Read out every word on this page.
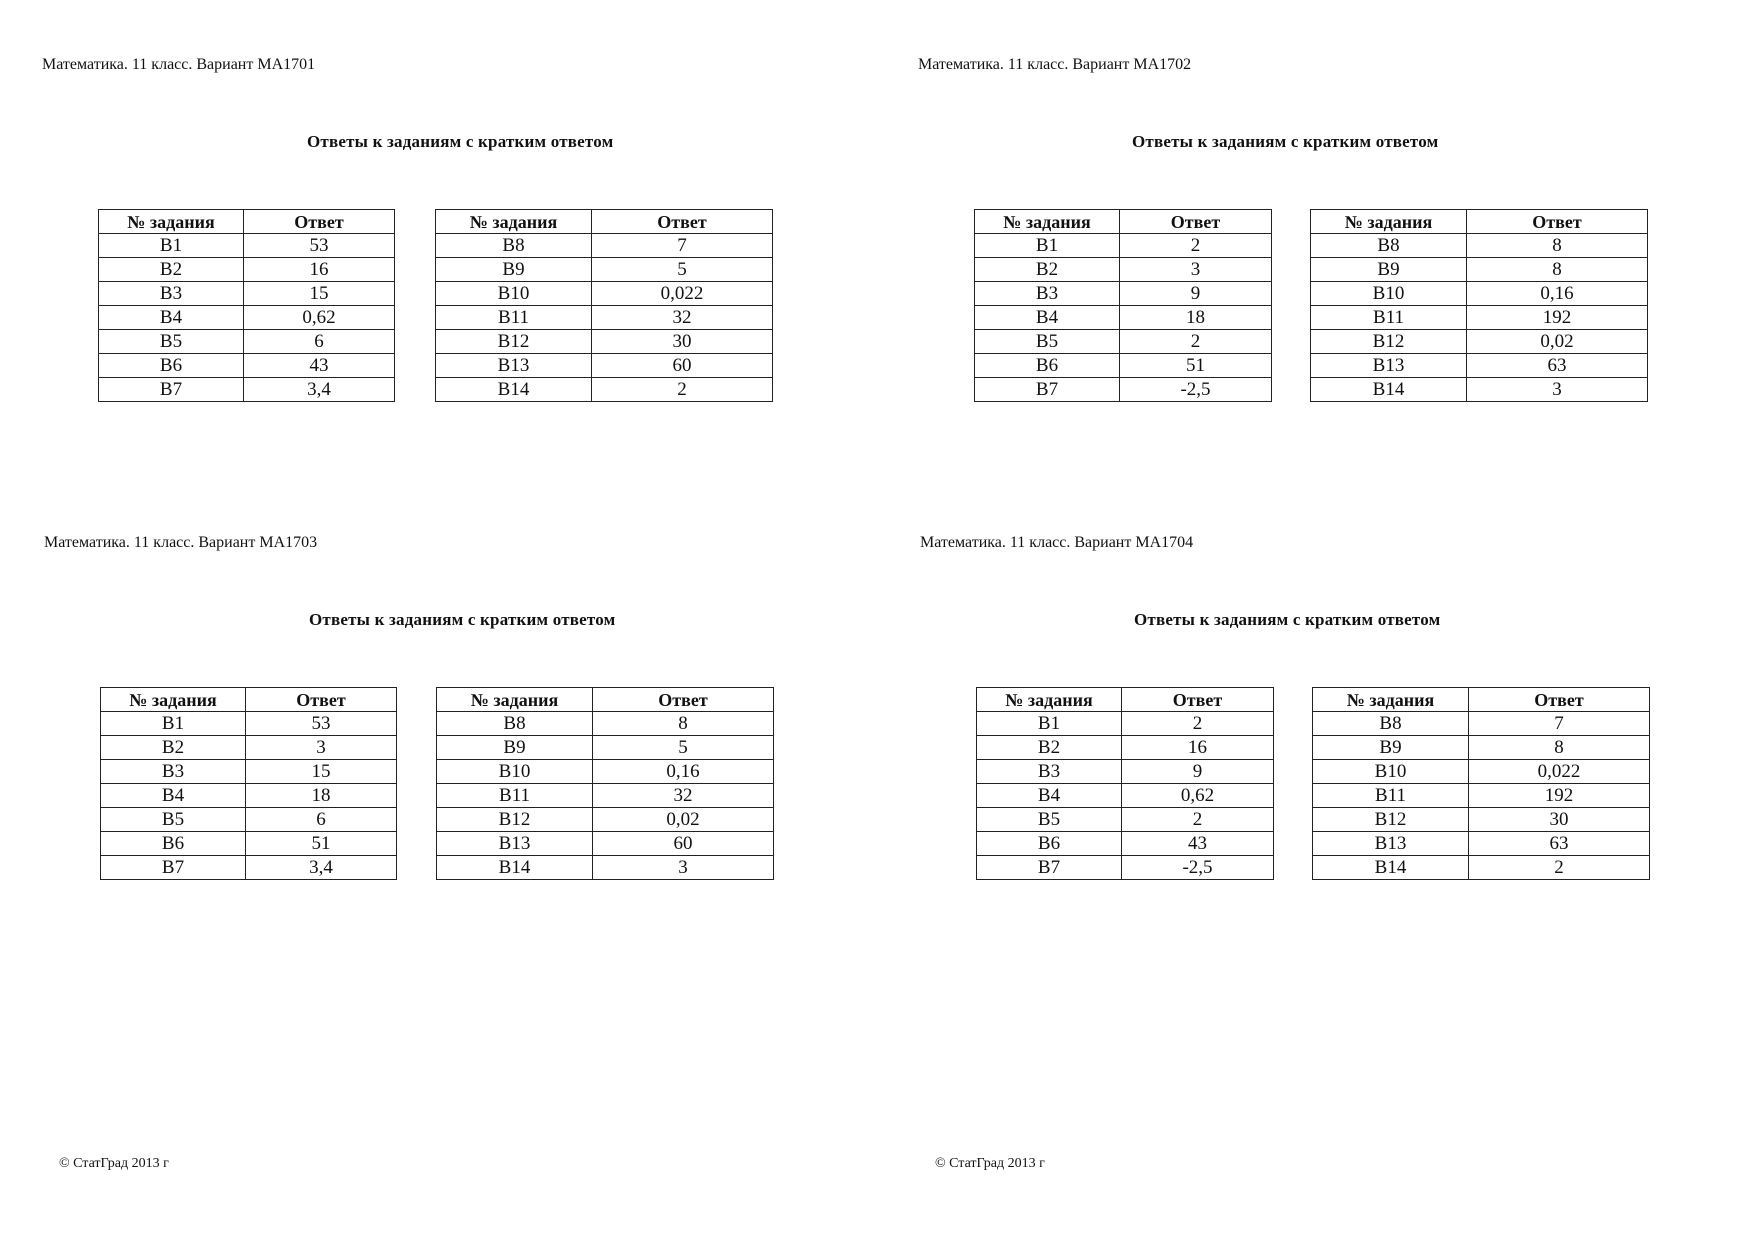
Математика. 11 класс. Вариант МА1701
Ответы к заданиям с кратким ответом
№ задания	Ответ
B1	53
B2	16
B3	15
B4	0,62
B5	6
B6	43
B7	3,4
№ задания	Ответ
B8	7
B9	5
B10	0,022
B11	32
B12	30
B13	60
B14	2
Математика. 11 класс. Вариант МА1702
Ответы к заданиям с кратким ответом
№ задания	Ответ
B1	2
B2	3
B3	9
B4	18
B5	2
B6	51
B7	-2,5
№ задания	Ответ
B8	8
B9	8
B10	0,16
B11	192
B12	0,02
B13	63
B14	3
Математика. 11 класс. Вариант МА1703
Ответы к заданиям с кратким ответом
№ задания	Ответ
B1	53
B2	3
B3	15
B4	18
B5	6
B6	51
B7	3,4
№ задания	Ответ
B8	8
B9	5
B10	0,16
B11	32
B12	0,02
B13	60
B14	3
Математика. 11 класс. Вариант МА1704
Ответы к заданиям с кратким ответом
№ задания	Ответ
B1	2
B2	16
B3	9
B4	0,62
B5	2
B6	43
B7	-2,5
№ задания	Ответ
B8	7
B9	8
B10	0,022
B11	192
B12	30
B13	63
B14	2
© СтатГрад 2013 г	© СтатГрад 2013 г
